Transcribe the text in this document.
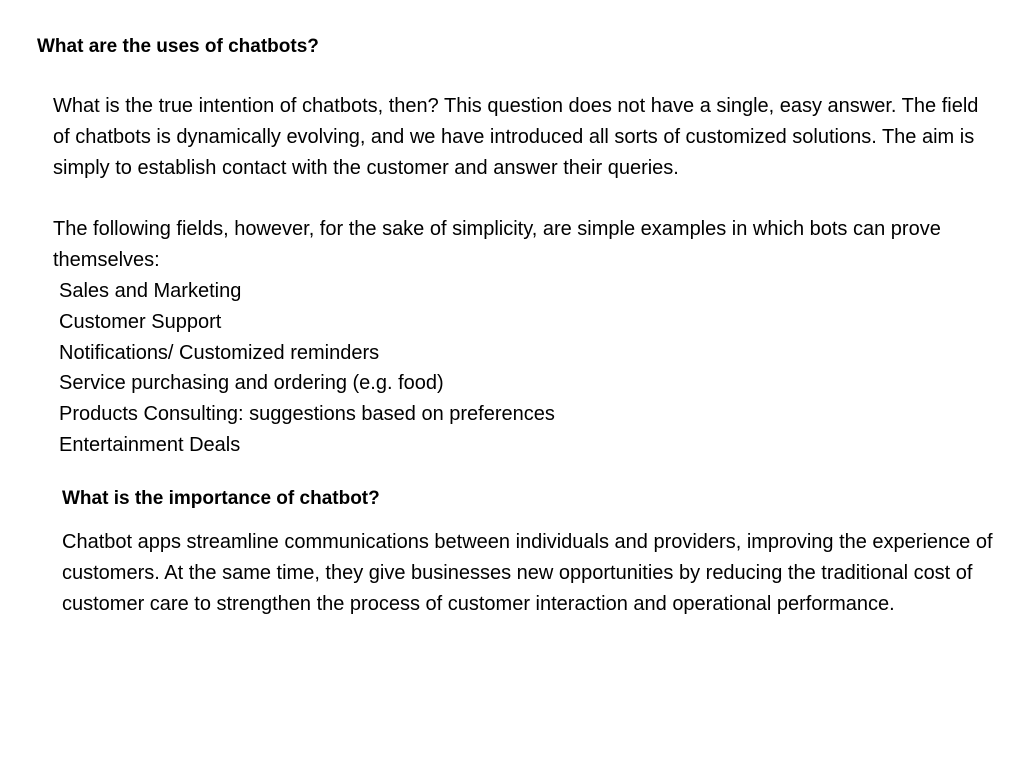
What are the uses of chatbots?

What is the true intention of chatbots, then? This question does not have a single, easy answer. The field of chatbots is dynamically evolving, and we have introduced all sorts of customized solutions. The aim is simply to establish contact with the customer and answer their queries.

The following fields, however, for the sake of simplicity, are simple examples in which bots can prove themselves:

Sales and Marketing
Customer Support
Notifications/ Customized reminders
Service purchasing and ordering (e.g. food)
Products Consulting: suggestions based on preferences
Entertainment Deals
What is the importance of chatbot?

Chatbot apps streamline communications between individuals and providers, improving the experience of customers. At the same time, they give businesses new opportunities by reducing the traditional cost of customer care to strengthen the process of customer interaction and operational performance.
